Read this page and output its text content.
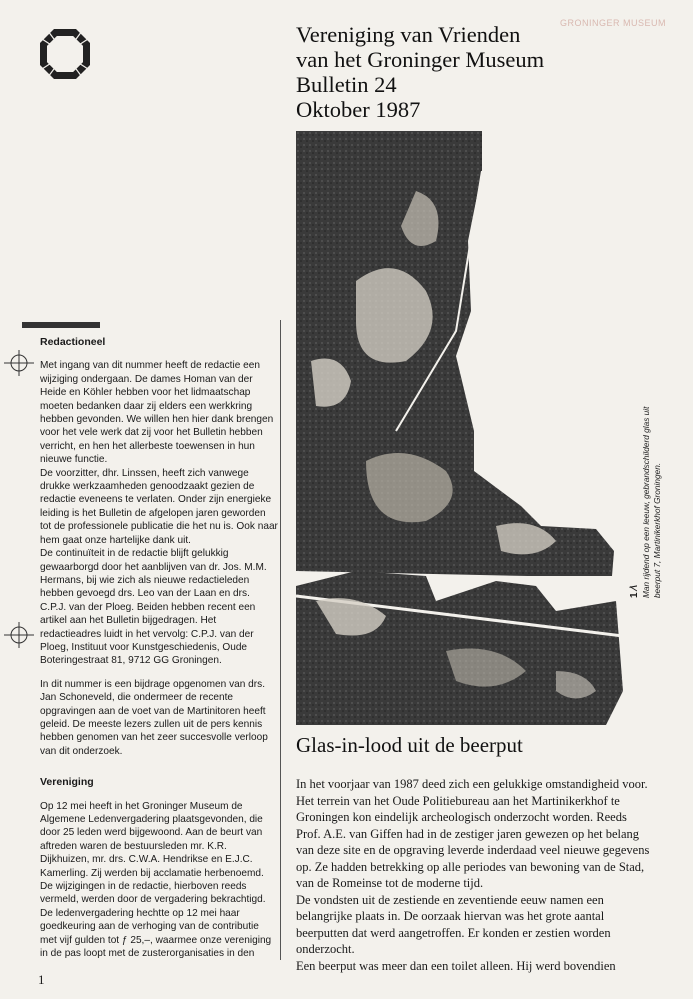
GRONINGER MUSEUM
Vereniging van Vrienden
van het Groninger Museum
Bulletin 24
Oktober 1987
Redactioneel

Met ingang van dit nummer heeft de redactie een wijziging ondergaan. De dames Homan van der Heide en Köhler hebben voor het lidmaatschap moeten bedanken daar zij elders een werkkring hebben gevonden. We willen hen hier dank brengen voor het vele werk dat zij voor het Bulletin hebben verricht, en hen het allerbeste toewensen in hun nieuwe functie.

De voorzitter, dhr. Linssen, heeft zich vanwege drukke werkzaamheden genoodzaakt gezien de redactie eveneens te verlaten. Onder zijn energieke leiding is het Bulletin de afgelopen jaren geworden tot de professionele publicatie die het nu is. Ook naar hem gaat onze hartelijke dank uit.

De continuïteit in de redactie blijft gelukkig gewaarborgd door het aanblijven van dr. Jos. M.M. Hermans, bij wie zich als nieuwe redactieleden hebben gevoegd drs. Leo van der Laan en drs. C.P.J. van der Ploeg. Beiden hebben recent een artikel aan het Bulletin bijgedragen. Het redactieadres luidt in het vervolg: C.P.J. van der Ploeg, Instituut voor Kunstgeschiedenis, Oude Boteringestraat 81, 9712 GG Groningen.

In dit nummer is een bijdrage opgenomen van drs. Jan Schoneveld, die ondermeer de recente opgravingen aan de voet van de Martinitoren heeft geleid. De meeste lezers zullen uit de pers kennis hebben genomen van het zeer succesvolle verloop van dit onderzoek.

Vereniging

Op 12 mei heeft in het Groninger Museum de Algemene Ledenvergadering plaatsgevonden, die door 25 leden werd bijgewoond. Aan de beurt van aftreden waren de bestuursleden mr. K.R. Dijkhuizen, mr. drs. C.W.A. Hendrikse en E.J.C. Kamerling. Zij werden bij acclamatie herbenoemd. De wijzigingen in de redactie, hierboven reeds vermeld, werden door de vergadering bekrachtigd. De ledenvergadering hechtte op 12 mei haar goedkeuring aan de verhoging van de contributie met vijf gulden tot ƒ 25,–, waarmee onze vereniging in de pas loopt met de zusterorganisaties in den

1 ⁄\ Man rijdend op een leeuw, gebrandschilderd glas uit beerput 7, Martinikerkhof Groningen.
Glas-in-lood uit de beerput
In het voorjaar van 1987 deed zich een gelukkige omstandigheid voor.
Het terrein van het Oude Politiebureau aan het Martinikerkhof te
Groningen kon eindelijk archeologisch onderzocht worden. Reeds
Prof. A.E. van Giffen had in de zestiger jaren gewezen op het belang
van deze site en de opgraving leverde inderdaad veel nieuwe gegevens
op. Ze hadden betrekking op alle periodes van bewoning van de Stad,
van de Romeinse tot de moderne tijd.
De vondsten uit de zestiende en zeventiende eeuw namen een
belangrijke plaats in. De oorzaak hiervan was het grote aantal
beerputten dat werd aangetroffen. Er konden er zestien worden
onderzocht.
Een beerput was meer dan een toilet alleen. Hij werd bovendien
1
